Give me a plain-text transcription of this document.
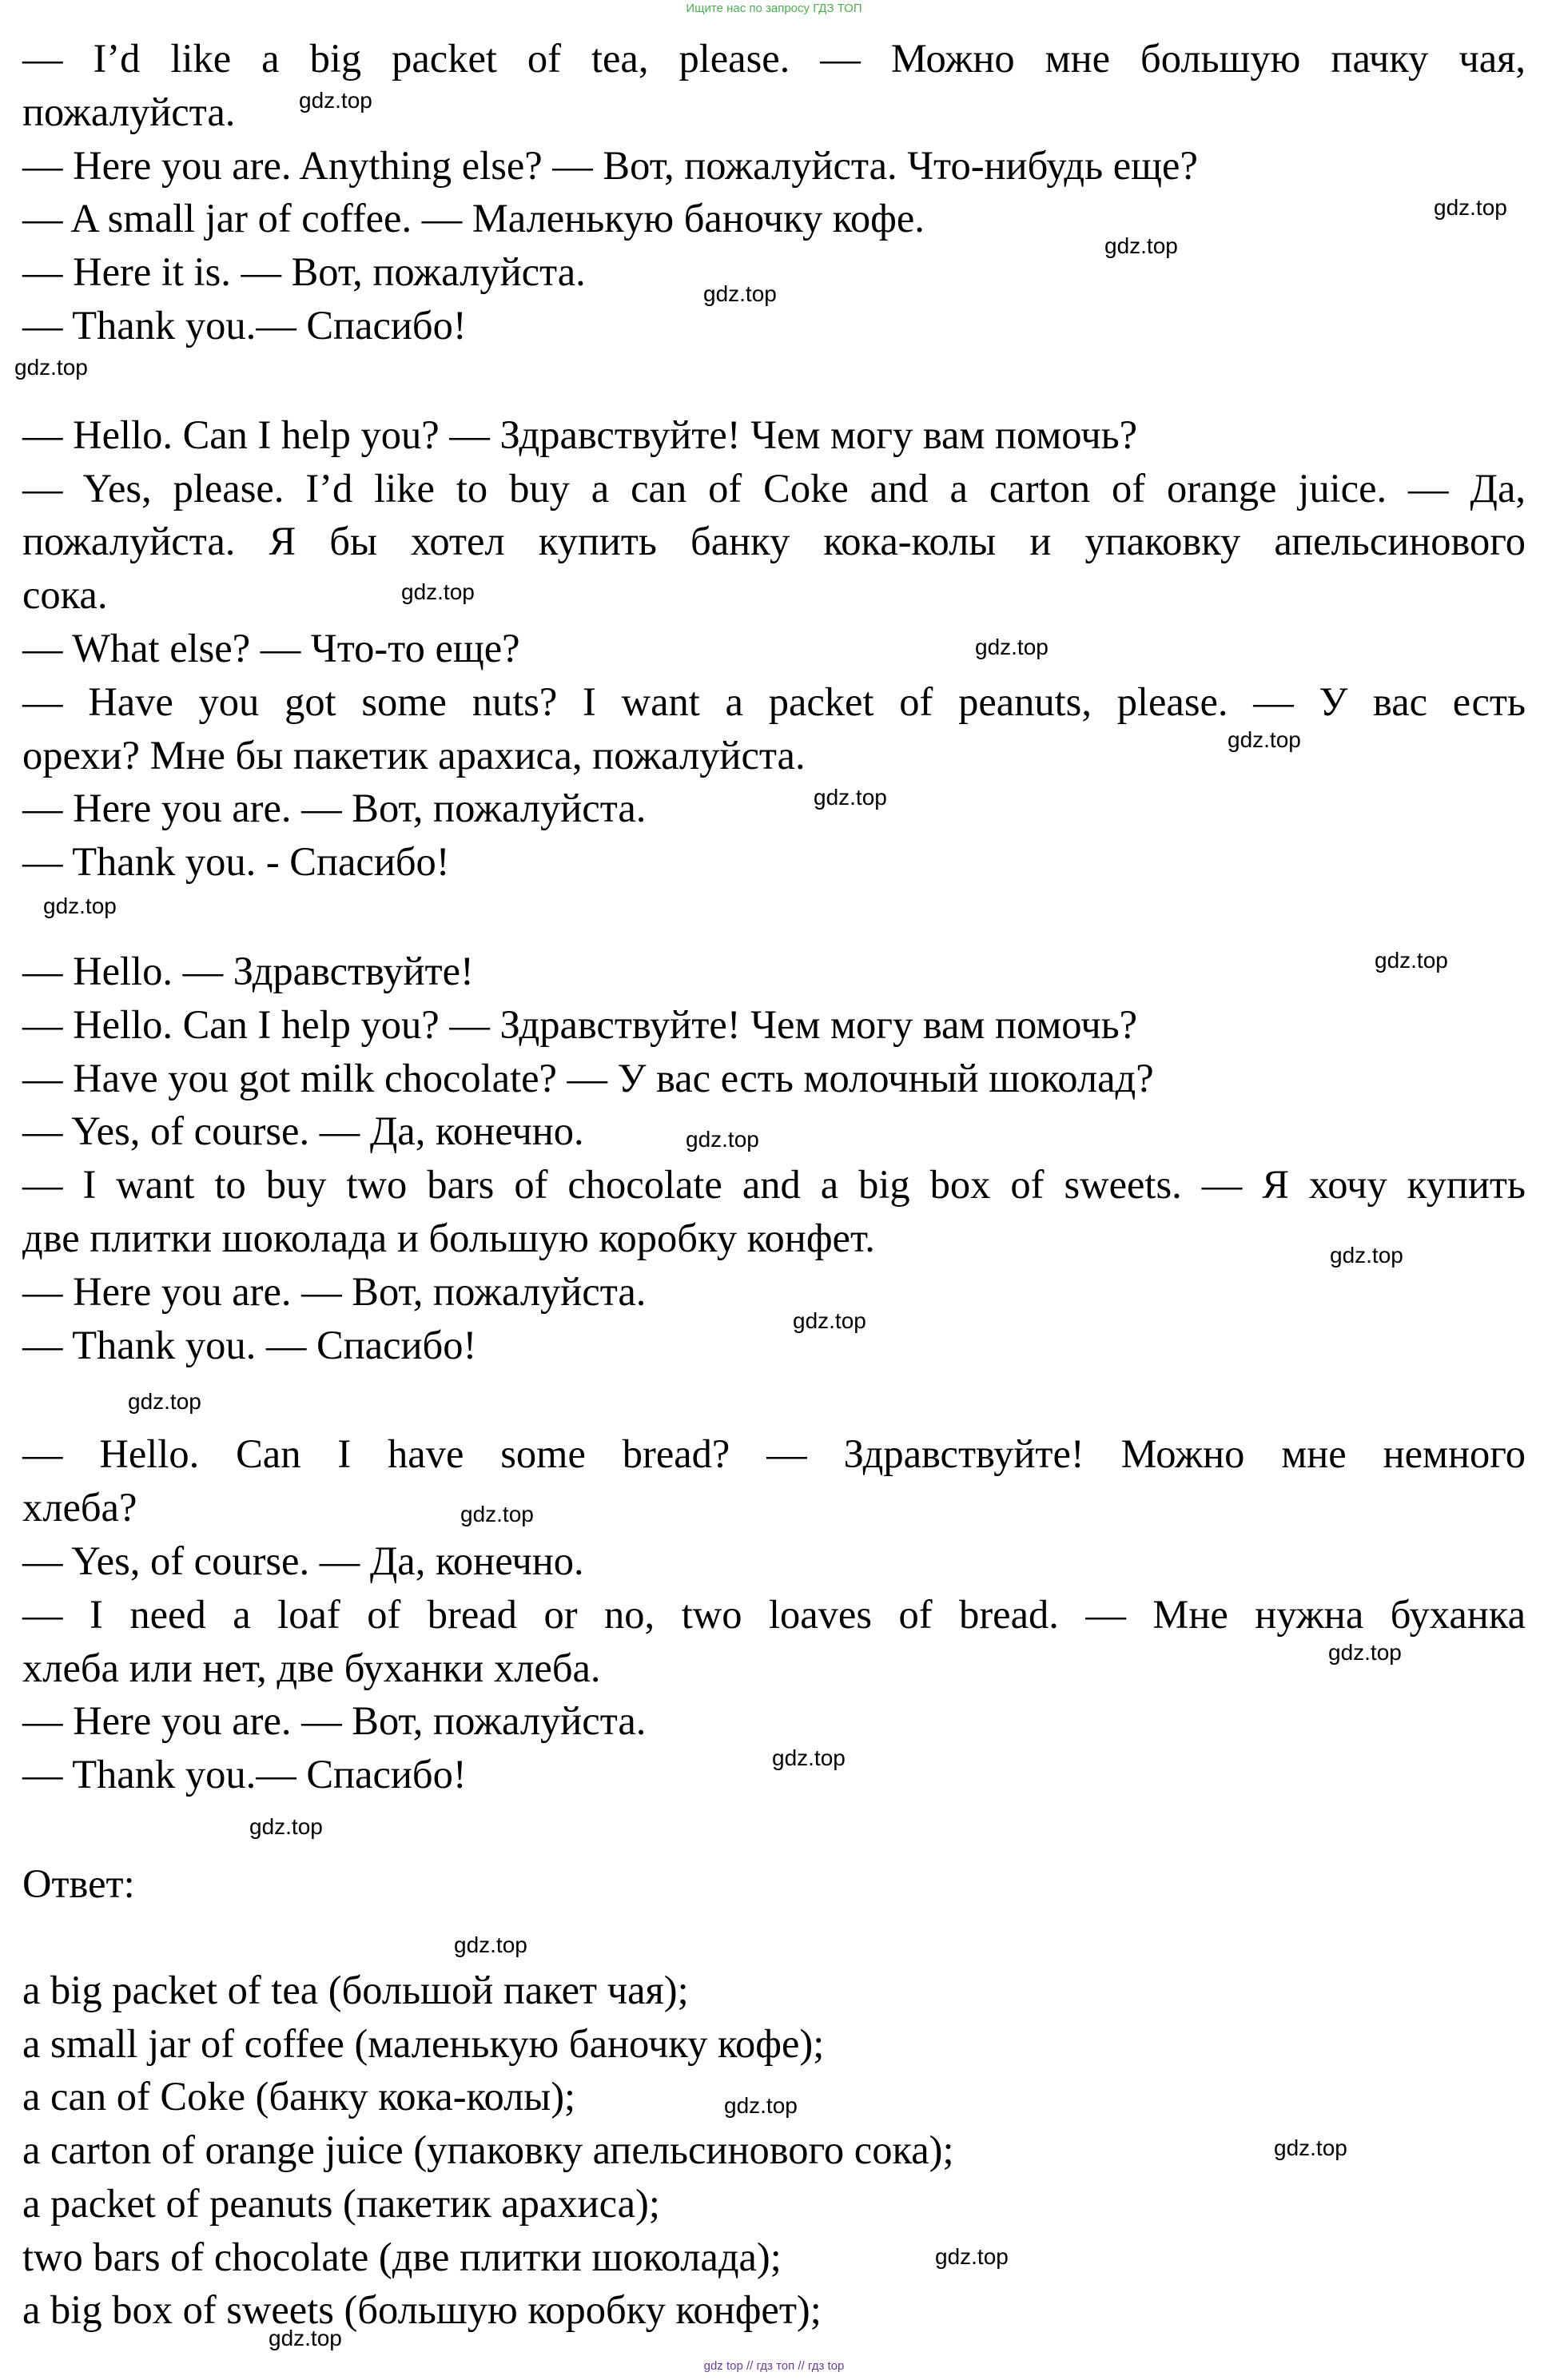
Ищите нас по запросу ГДЗ ТОП
— I’d like a big packet of tea, please. — Можно мне большую пачку чая,
пожалуйста.
— Here you are. Anything else? — Вот, пожалуйста. Что-нибудь еще?
— A small jar of coffee. — Маленькую баночку кофе.
— Here it is. — Вот, пожалуйста.
— Thank you.— Спасибо!
— Hello. Can I help you? — Здравствуйте! Чем могу вам помочь?
— Yes, please. I’d like to buy a can of Coke and a carton of orange juice. — Да,
пожалуйста. Я бы хотел купить банку кока-колы и упаковку апельсинового
сока.
— What else? — Что-то еще?
— Have you got some nuts? I want a packet of peanuts, please. — У вас есть
орехи? Мне бы пакетик арахиса, пожалуйста.
— Here you are. — Вот, пожалуйста.
— Thank you. - Спасибо!
— Hello. — Здравствуйте!
— Hello. Can I help you? — Здравствуйте! Чем могу вам помочь?
— Have you got milk chocolate? — У вас есть молочный шоколад?
— Yes, of course. — Да, конечно.
— I want to buy two bars of chocolate and a big box of sweets. — Я хочу купить
две плитки шоколада и большую коробку конфет.
— Here you are. — Вот, пожалуйста.
— Thank you. — Спасибо!
— Hello. Can I have some bread? — Здравствуйте! Можно мне немного
хлеба?
— Yes, of course. — Да, конечно.
— I need a loaf of bread or no, two loaves of bread. — Мне нужна буханка
хлеба или нет, две буханки хлеба.
— Here you are. — Вот, пожалуйста.
— Thank you.— Спасибо!
Ответ:
a big packet of tea (большой пакет чая);
a small jar of coffee (маленькую баночку кофе);
a can of Coke (банку кока-колы);
a carton of orange juice (упаковку апельсинового сока);
a packet of peanuts (пакетик арахиса);
two bars of chocolate (две плитки шоколада);
a big box of sweets (большую коробку конфет);
gdz.top
gdz.top
gdz.top
gdz.top
gdz.top
gdz.top
gdz.top
gdz.top
gdz.top
gdz.top
gdz.top
gdz.top
gdz.top
gdz.top
gdz.top
gdz.top
gdz.top
gdz.top
gdz.top
gdz.top
gdz.top
gdz.top
gdz.top
gdz.top
gdz top // гдз топ // гдз top
